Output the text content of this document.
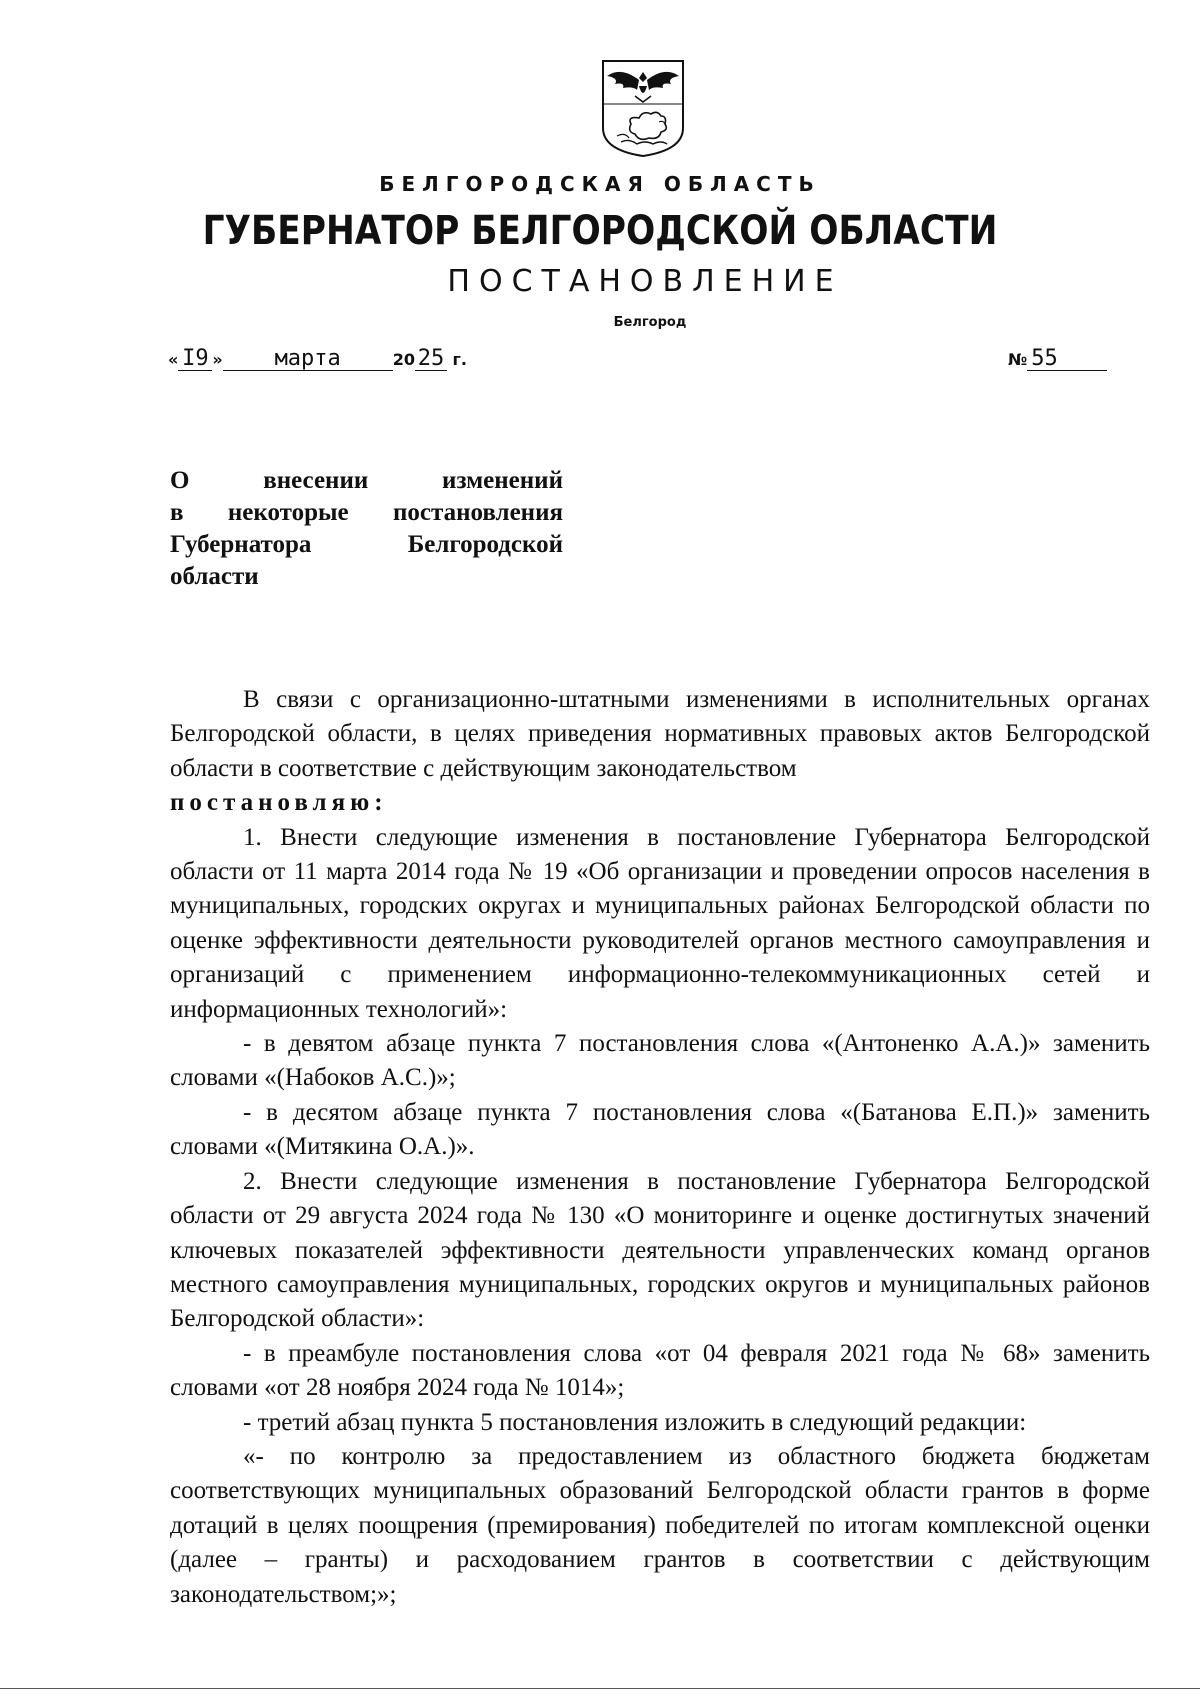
БЕЛГОРОДСКАЯ ОБЛАСТЬ
ГУБЕРНАТОР БЕЛГОРОДСКОЙ ОБЛАСТИ
ПОСТАНОВЛЕНИЕ
Белгород
« I9 » марта	20 25 г.	№ 55
О внесении изменений
в некоторые постановления
Губернатора Белгородской
области

В связи с организационно-штатными изменениями в исполнительных органах Белгородской области, в целях приведения нормативных правовых актов Белгородской области в соответствие с действующим законодательством

постановляю:

1. Внести следующие изменения в постановление Губернатора Белгородской области от 11 марта 2014 года № 19 «Об организации и проведении опросов населения в муниципальных, городских округах и муниципальных районах Белгородской области по оценке эффективности деятельности руководителей органов местного самоуправления и организаций с применением информационно-телекоммуникационных сетей и информационных технологий»:

- в девятом абзаце пункта 7 постановления слова «(Антоненко А.А.)» заменить словами «(Набоков А.С.)»;

- в десятом абзаце пункта 7 постановления слова «(Батанова Е.П.)» заменить словами «(Митякина О.А.)».

2. Внести следующие изменения в постановление Губернатора Белгородской области от 29 августа 2024 года № 130 «О мониторинге и оценке достигнутых значений ключевых показателей эффективности деятельности управленческих команд органов местного самоуправления муниципальных, городских округов и муниципальных районов Белгородской области»:

- в преамбуле постановления слова «от 04 февраля 2021 года № 68» заменить словами «от 28 ноября 2024 года № 1014»;

- третий абзац пункта 5 постановления изложить в следующий редакции:

«- по контролю за предоставлением из областного бюджета бюджетам соответствующих муниципальных образований Белгородской области грантов в форме дотаций в целях поощрения (премирования) победителей по итогам комплексной оценки (далее – гранты) и расходованием грантов в соответствии с действующим законодательством;»;
